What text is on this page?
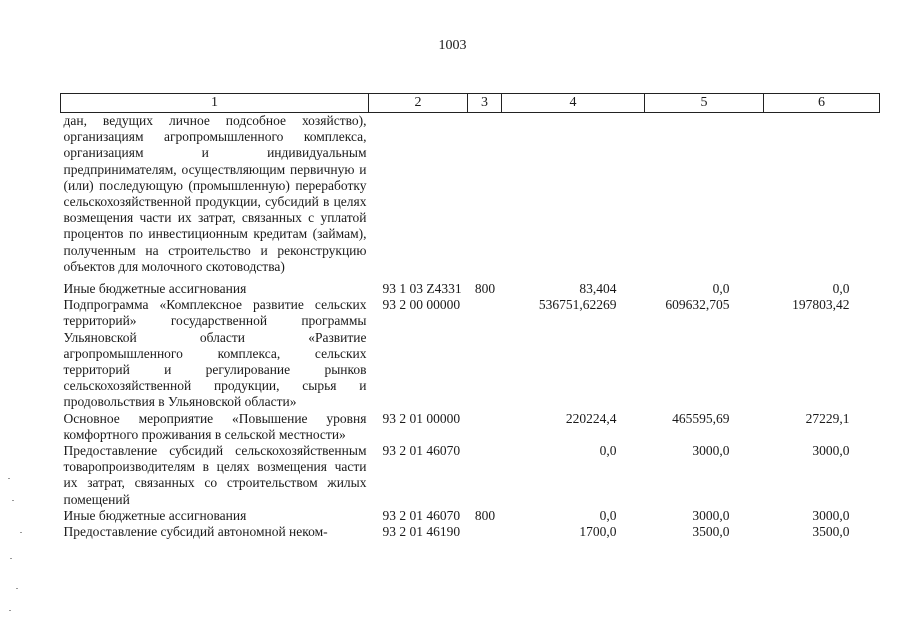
1003
1	2	3	4	5	6
дан, ведущих личное подсобное хозяйство), организациям агропромышленного комплекса, организациям и индивидуальным предпринимателям, осуществляющим первичную и (или) последующую (промышленную) переработку сельскохозяйственной продукции, субсидий в целях возмещения части их затрат, связанных с уплатой процентов по инвестиционным кредитам (займам), полученным на строительство и реконструкцию объектов для молочного скотоводства)					

Иные бюджетные ассигнования	93 1 03 Z4331	800	83,404	0,0	0,0
Подпрограмма «Комплексное развитие сельских территорий» государственной программы Ульяновской области «Развитие агропромышленного комплекса, сельских территорий и регулирование рынков сельскохозяйственной продукции, сырья и продовольствия в Ульяновской области»	93 2 00 00000		536751,62269	609632,705	197803,42
Основное мероприятие «Повышение уровня комфортного проживания в сельской местности»	93 2 01 00000		220224,4	465595,69	27229,1
Предоставление субсидий сельскохозяйственным товаропроизводителям в целях возмещения части их затрат, связанных со строительством жилых помещений	93 2 01 46070		0,0	3000,0	3000,0
Иные бюджетные ассигнования	93 2 01 46070	800	0,0	3000,0	3000,0
Предоставление субсидий автономной неком-	93 2 01 46190		1700,0	3500,0	3500,0
